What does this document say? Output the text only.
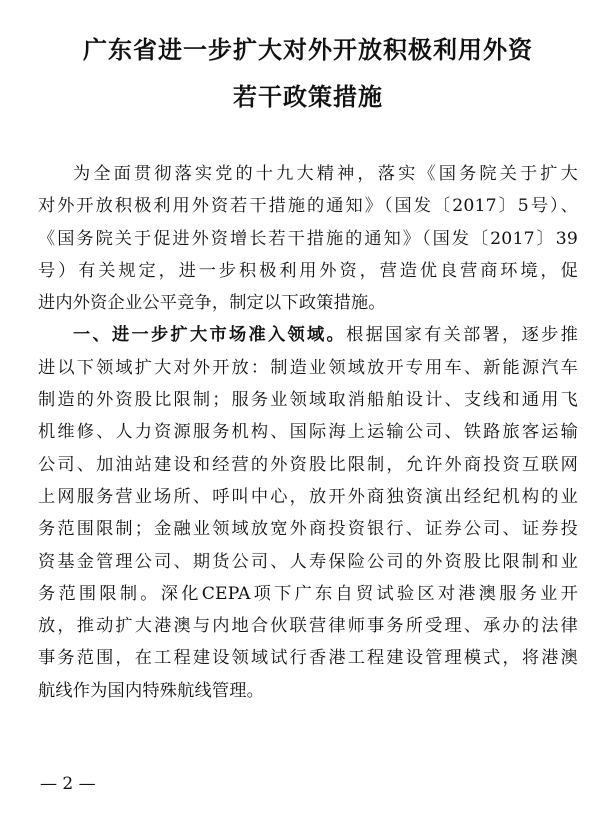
广东省进一步扩大对外开放积极利用外资
若干政策措施
为全面贯彻落实党的十九大精神，落实《国务院关于扩大
对外开放积极利用外资若干措施的通知》（国发〔2017〕5号）、
《国务院关于促进外资增长若干措施的通知》（国发〔2017〕39
号）有关规定，进一步积极利用外资，营造优良营商环境，促
进内外资企业公平竞争，制定以下政策措施。
一、进一步扩大市场准入领域。根据国家有关部署，逐步推
进以下领域扩大对外开放：制造业领域放开专用车、新能源汽车
制造的外资股比限制；服务业领域取消船舶设计、支线和通用飞
机维修、人力资源服务机构、国际海上运输公司、铁路旅客运输
公司、加油站建设和经营的外资股比限制，允许外商投资互联网
上网服务营业场所、呼叫中心，放开外商独资演出经纪机构的业
务范围限制；金融业领域放宽外商投资银行、证券公司、证券投
资基金管理公司、期货公司、人寿保险公司的外资股比限制和业
务范围限制。深化CEPA项下广东自贸试验区对港澳服务业开
放，推动扩大港澳与内地合伙联营律师事务所受理、承办的法律
事务范围，在工程建设领域试行香港工程建设管理模式，将港澳
航线作为国内特殊航线管理。
— 2 —
